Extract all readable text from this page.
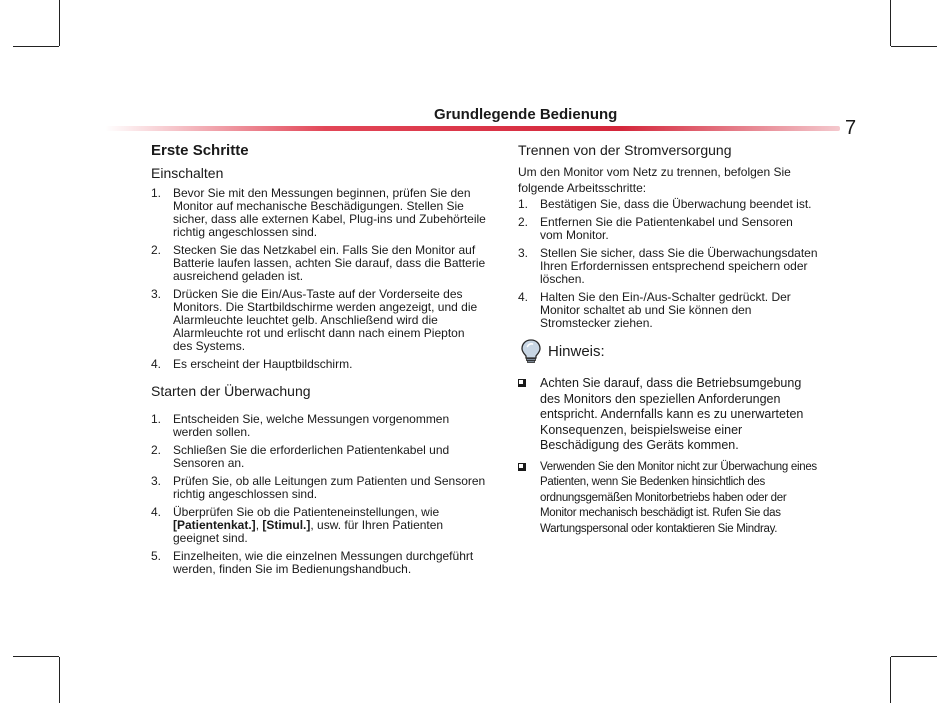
Grundlegende Bedienung
7
Erste Schritte
Einschalten
1. Bevor Sie mit den Messungen beginnen, prüfen Sie den Monitor auf mechanische Beschädigungen. Stellen Sie sicher, dass alle externen Kabel, Plug-ins und Zubehörteile richtig angeschlossen sind.
2. Stecken Sie das Netzkabel ein. Falls Sie den Monitor auf Batterie laufen lassen, achten Sie darauf, dass die Batterie ausreichend geladen ist.
3. Drücken Sie die Ein/Aus-Taste auf der Vorderseite des Monitors. Die Startbildschirme werden angezeigt, und die Alarmleuchte leuchtet gelb. Anschließend wird die Alarmleuchte rot und erlischt dann nach einem Piepton des Systems.
4. Es erscheint der Hauptbildschirm.
Starten der Überwachung
1. Entscheiden Sie, welche Messungen vorgenommen werden sollen.
2. Schließen Sie die erforderlichen Patientenkabel und Sensoren an.
3. Prüfen Sie, ob alle Leitungen zum Patienten und Sensoren richtig angeschlossen sind.
4. Überprüfen Sie ob die Patienteneinstellungen, wie [Patientenkat.], [Stimul.], usw. für Ihren Patienten geeignet sind.
5. Einzelheiten, wie die einzelnen Messungen durchgeführt werden, finden Sie im Bedienungshandbuch.
Trennen von der Stromversorgung

Um den Monitor vom Netz zu trennen, befolgen Sie folgende Arbeitsschritte:

1. Bestätigen Sie, dass die Überwachung beendet ist.
2. Entfernen Sie die Patientenkabel und Sensoren vom Monitor.
3. Stellen Sie sicher, dass Sie die Überwachungsdaten Ihren Erfordernissen entsprechend speichern oder löschen.
4. Halten Sie den Ein-/Aus-Schalter gedrückt. Der Monitor schaltet ab und Sie können den Stromstecker ziehen.
Hinweis:
Achten Sie darauf, dass die Betriebsumgebung des Monitors den speziellen Anforderungen entspricht. Andernfalls kann es zu unerwarteten Konsequenzen, beispielsweise einer Beschädigung des Geräts kommen.
Verwenden Sie den Monitor nicht zur Überwachung eines Patienten, wenn Sie Bedenken hinsichtlich des ordnungsgemäßen Monitorbetriebs haben oder der Monitor mechanisch beschädigt ist. Rufen Sie das Wartungspersonal oder kontaktieren Sie Mindray.
